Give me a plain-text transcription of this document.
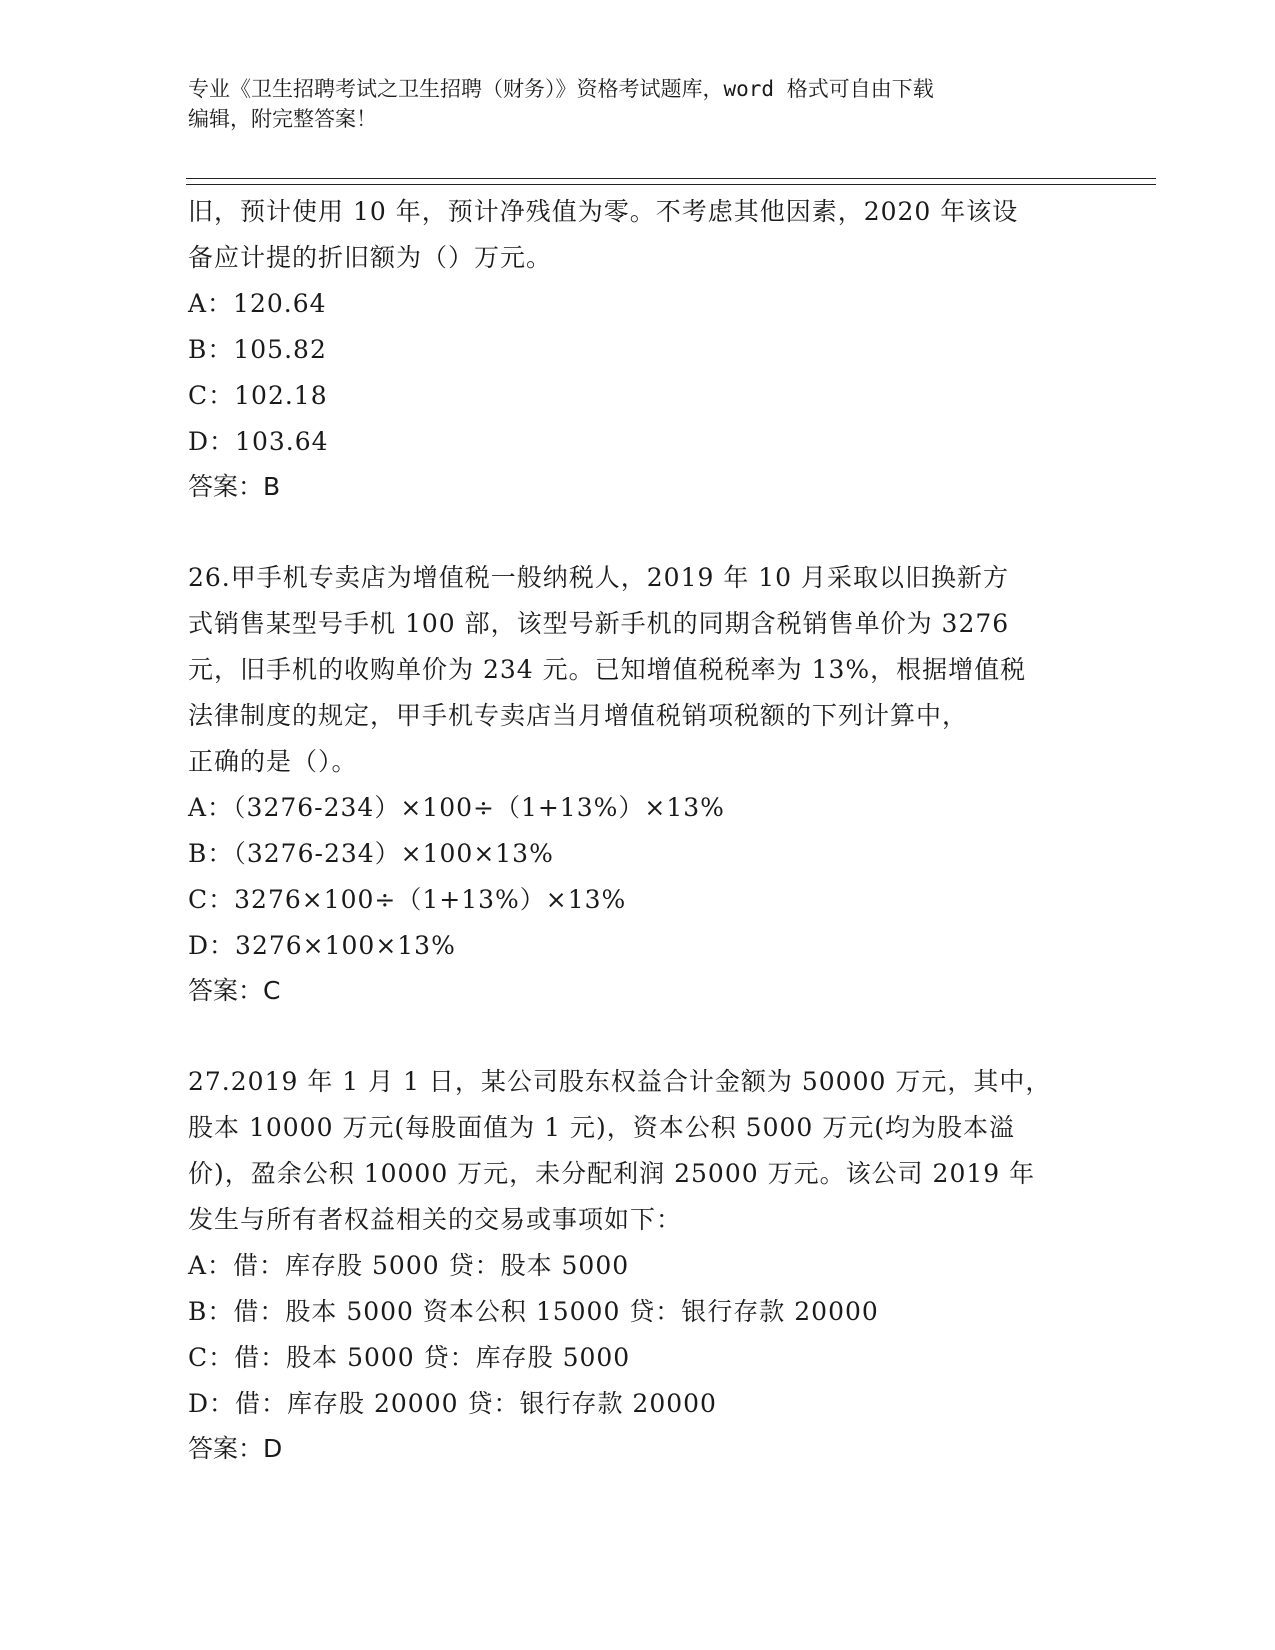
专业《卫生招聘考试之卫生招聘（财务）》资格考试题库，word 格式可自由下载
编辑，附完整答案！

旧，预计使用 10 年，预计净残值为零。不考虑其他因素，2020 年该设

备应计提的折旧额为（）万元。

A：120.64

B：105.82

C：102.18

D：103.64

答案：B

26.甲手机专卖店为增值税一般纳税人，2019 年 10 月采取以旧换新方

式销售某型号手机 100 部，该型号新手机的同期含税销售单价为 3276

元，旧手机的收购单价为 234 元。已知增值税税率为 13%，根据增值税

法律制度的规定，甲手机专卖店当月增值税销项税额的下列计算中，

正确的是（）。

A：（3276-234）×100÷（1+13%）×13%

B：（3276-234）×100×13%

C：3276×100÷（1+13%）×13%

D：3276×100×13%

答案：C

27.2019 年 1 月 1 日，某公司股东权益合计金额为 50000 万元，其中，

股本 10000 万元(每股面值为 1 元)，资本公积 5000 万元(均为股本溢

价)，盈余公积 10000 万元，未分配利润 25000 万元。该公司 2019 年

发生与所有者权益相关的交易或事项如下：

A：借：库存股 5000 贷：股本 5000

B：借：股本 5000 资本公积 15000 贷：银行存款 20000

C：借：股本 5000 贷：库存股 5000

D：借：库存股 20000 贷：银行存款 20000

答案：D
